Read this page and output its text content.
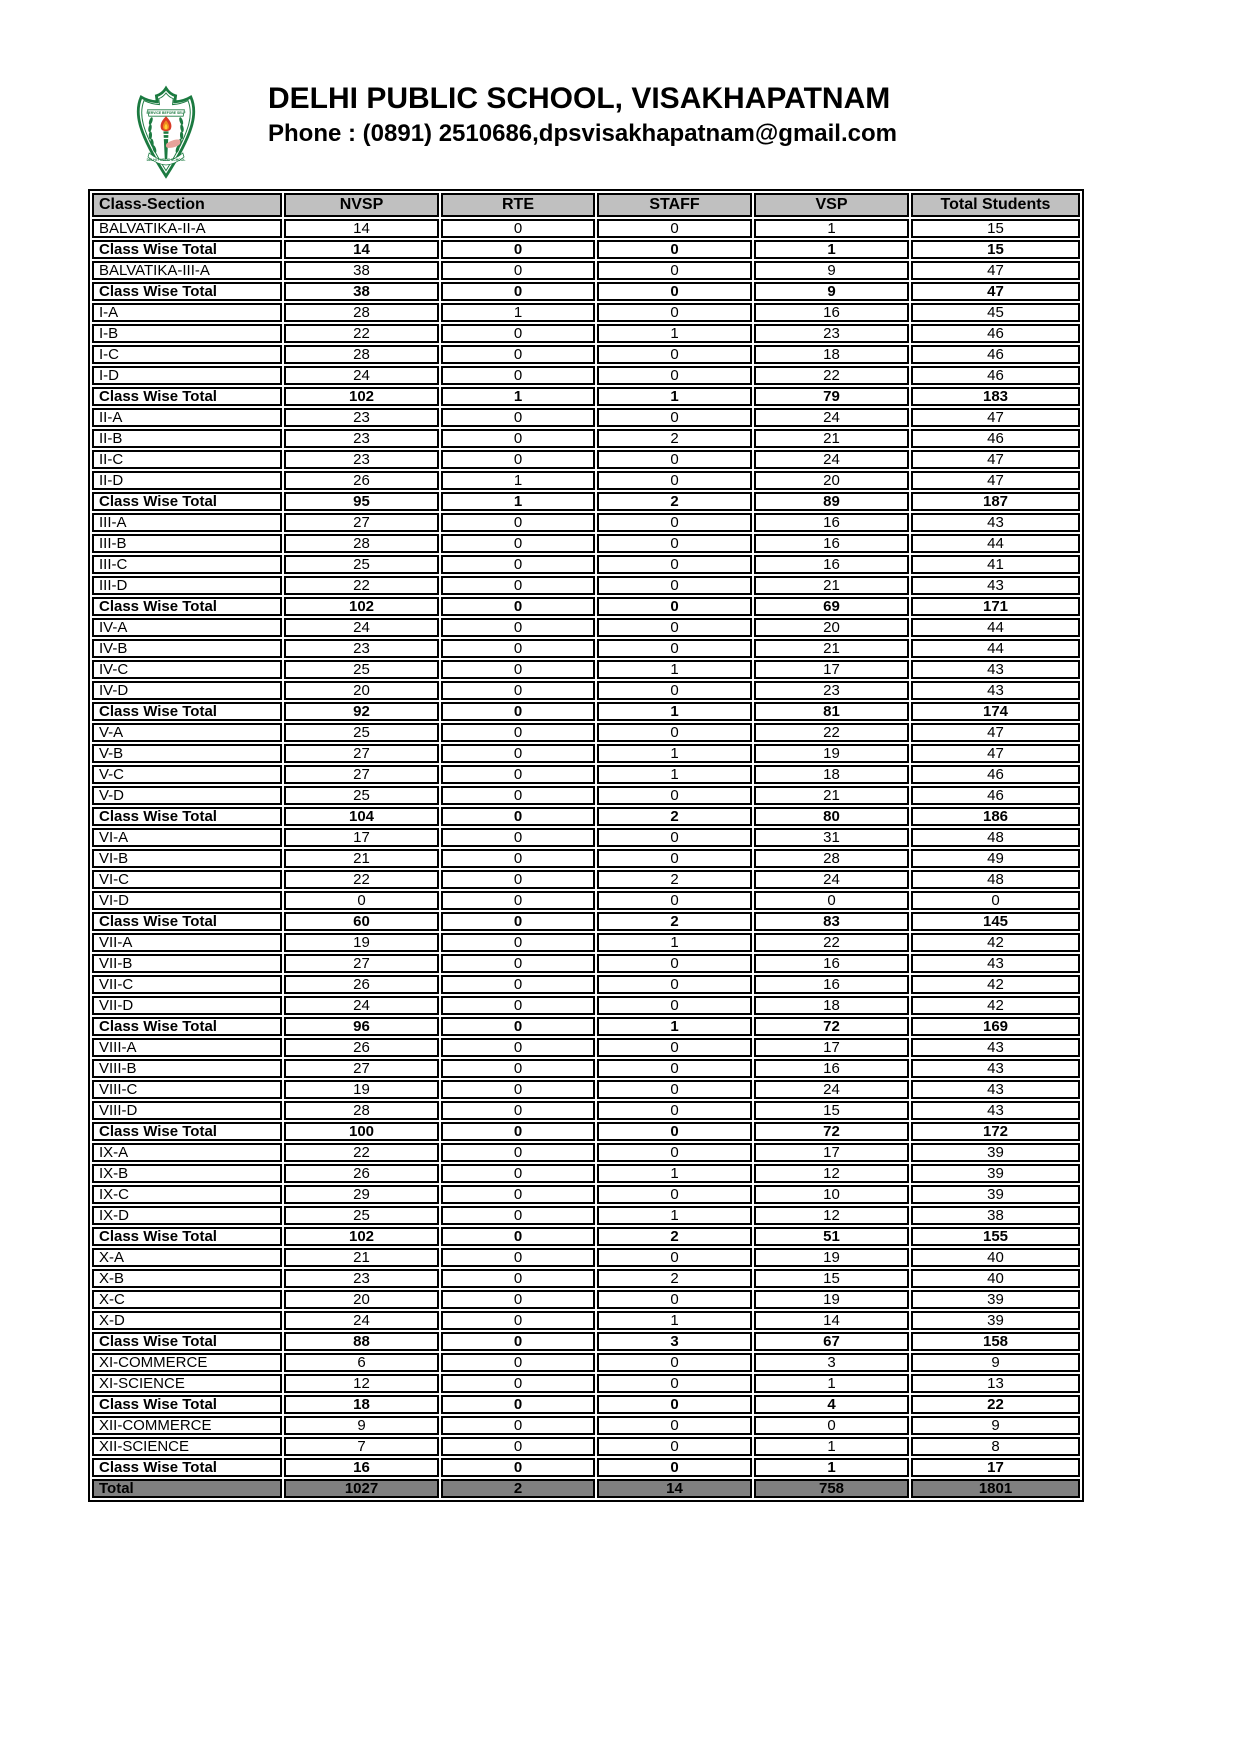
SERVICE BEFORE SELF
DELHI PUBLIC SCHOOL
DELHI PUBLIC SCHOOL, VISAKHAPATNAM
Phone : (0891) 2510686,dpsvisakhapatnam@gmail.com
Class-Section	NVSP	RTE	STAFF	VSP	Total Students
BALVATIKA-II-A	14	0	0	1	15
Class Wise Total	14	0	0	1	15
BALVATIKA-III-A	38	0	0	9	47
Class Wise Total	38	0	0	9	47
I-A	28	1	0	16	45
I-B	22	0	1	23	46
I-C	28	0	0	18	46
I-D	24	0	0	22	46
Class Wise Total	102	1	1	79	183
II-A	23	0	0	24	47
II-B	23	0	2	21	46
II-C	23	0	0	24	47
II-D	26	1	0	20	47
Class Wise Total	95	1	2	89	187
III-A	27	0	0	16	43
III-B	28	0	0	16	44
III-C	25	0	0	16	41
III-D	22	0	0	21	43
Class Wise Total	102	0	0	69	171
IV-A	24	0	0	20	44
IV-B	23	0	0	21	44
IV-C	25	0	1	17	43
IV-D	20	0	0	23	43
Class Wise Total	92	0	1	81	174
V-A	25	0	0	22	47
V-B	27	0	1	19	47
V-C	27	0	1	18	46
V-D	25	0	0	21	46
Class Wise Total	104	0	2	80	186
VI-A	17	0	0	31	48
VI-B	21	0	0	28	49
VI-C	22	0	2	24	48
VI-D	0	0	0	0	0
Class Wise Total	60	0	2	83	145
VII-A	19	0	1	22	42
VII-B	27	0	0	16	43
VII-C	26	0	0	16	42
VII-D	24	0	0	18	42
Class Wise Total	96	0	1	72	169
VIII-A	26	0	0	17	43
VIII-B	27	0	0	16	43
VIII-C	19	0	0	24	43
VIII-D	28	0	0	15	43
Class Wise Total	100	0	0	72	172
IX-A	22	0	0	17	39
IX-B	26	0	1	12	39
IX-C	29	0	0	10	39
IX-D	25	0	1	12	38
Class Wise Total	102	0	2	51	155
X-A	21	0	0	19	40
X-B	23	0	2	15	40
X-C	20	0	0	19	39
X-D	24	0	1	14	39
Class Wise Total	88	0	3	67	158
XI-COMMERCE	6	0	0	3	9
XI-SCIENCE	12	0	0	1	13
Class Wise Total	18	0	0	4	22
XII-COMMERCE	9	0	0	0	9
XII-SCIENCE	7	0	0	1	8
Class Wise Total	16	0	0	1	17
Total	1027	2	14	758	1801
